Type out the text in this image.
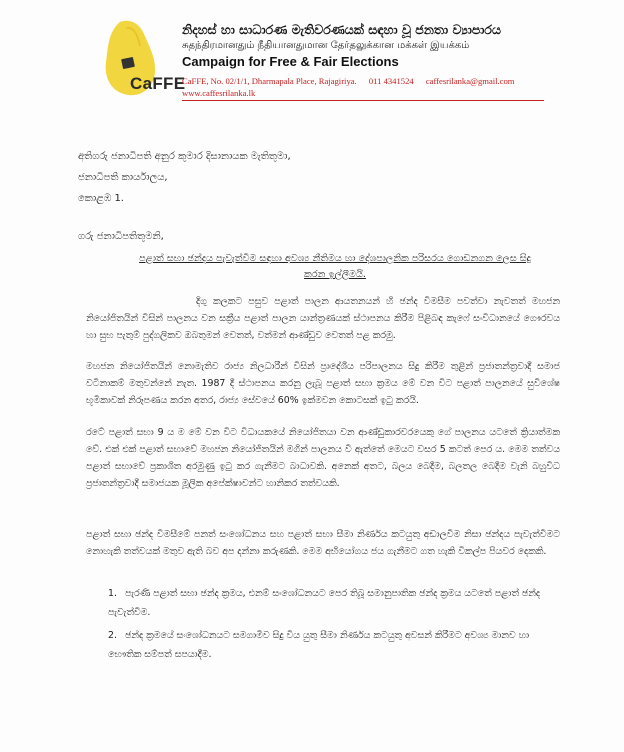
CaFFE
නිදහස් හා සාධාරණ මැතිවරණයක් සඳහා වූ ජනතා ව්‍යාපාරය
சுதந்திரமானதும் நீதியானதுமான தேர்தலுக்கான மக்கள் இயக்கம்
Campaign for Free & Fair Elections
CaFFE, No. 02/1/1, Dharmapala Place, Rajagiriya. 011 4341524 caffesrilanka@gmail.com
www.caffesrilanka.lk
අතිගරු ජනාධිපති අනුර කුමාර දිසානායක මැතිතුමා,
ජනාධිපති කාර්යාලය,
කොළඹ 1.
ගරු ජනාධිපතිතුමනි,
පළාත් සභා ඡන්දය පැවැත්වීම සඳහා අවශ්‍ය නීතිමය හා දේශපාලනික පරිසරය ගොඩනගන ලෙස සිදු කරන ඉල්ලීමයි.
දිගු කලකට පසුව පළාත් පාලන ආයතනයන් හි ඡන්ද විමසීම පවත්වා නැවතත් මහජන නියෝජිතයින් විසින් පාලනය වන සක්‍රීය පළාත් පාලන යාන්ත්‍රණයක් ස්ථාපනය කිරීම පිළිබඳ කැෆේ සංවිධානයේ ගෞරවය හා සුභ පැතුම් පුද්ගලිකව ඔබතුමන් වෙතත්, වත්මන් ආණ්ඩුව වෙතත් පළ කරමු.
මහජන නියෝජිතයින් නොමැතිව රාජ්‍ය නිලධාරීන් විසින් ප්‍රාදේශීය පරිපාලනය සිදු කිරීම තුළින් ප්‍රජාතන්ත්‍රවාදී සමාජ වටිනාකම් මතුවන්නේ නැත. 1987 දී ස්ථාපනය කරනු ලැබූ පළාත් සභා ක්‍රමය මේ වන විට පළාත් පාලනයේ සුවිශේෂ භූමිකාවක් නිරූපණය කරන අතර, රාජ්‍ය සේවයේ 60% ඉක්මවන කොටසක් ඉටු කරයි.
රටේ පළාත් සභා 9 ය ම මේ වන විට විධායකයේ නියෝජිතයා වන ආණ්ඩුකාරවරයෙකු ගේ පාලනය යටතේ ක්‍රියාත්මක වේ. එක් එක් පළාත් සභාවේ මහජන නියෝජිතයින් මගින් පාලනය වී ඇත්තේ මෙයට වසර 5 කටත් පෙර ය. මෙම තත්වය පළාත් සභාවේ ප්‍රකාශිත අරමුණු ඉටු කර ගැනීමට බාධාවකි. අනෙක් අතට, බලය බෙදීම, බලතල බෙදීම වැනි බහුවිධ ප්‍රජාතන්ත්‍රවාදී සමාජයක මූලික අපේක්ෂාවන්ට හානිකර තත්වයකි.
පළාත් සභා ඡන්ද විමසීමේ පනත් සංශෝධනය සහ පළාත් සභා සීමා නිර්ණය කටයුතු අඩාලවීම නිසා ඡන්දය පැවැත්වීමට නොහැකි තත්වයක් මතුව ඇති බව අප දන්නා කරුණකි. මෙම අභියෝගය ජය ගැනීමට ගත හැකි විකල්ප පියවර දෙකකි.
1. පැරණි පළාත් සභා ඡන්ද ක්‍රමය, එනම් සංශෝධනයට පෙර තිබූ සමානුපාතික ඡන්ද ක්‍රමය යටතේ පළාත් ඡන්ද පැවැත්වීම.
2. ඡන්ද ක්‍රමයේ සංශෝධනයට සමගාමීව සිදු විය යුතු සීමා නිර්ණය කටයුතු අවසන් කිරීමට අවශ්‍ය මානව හා භෞතික සම්පත් සපයාදීම.
